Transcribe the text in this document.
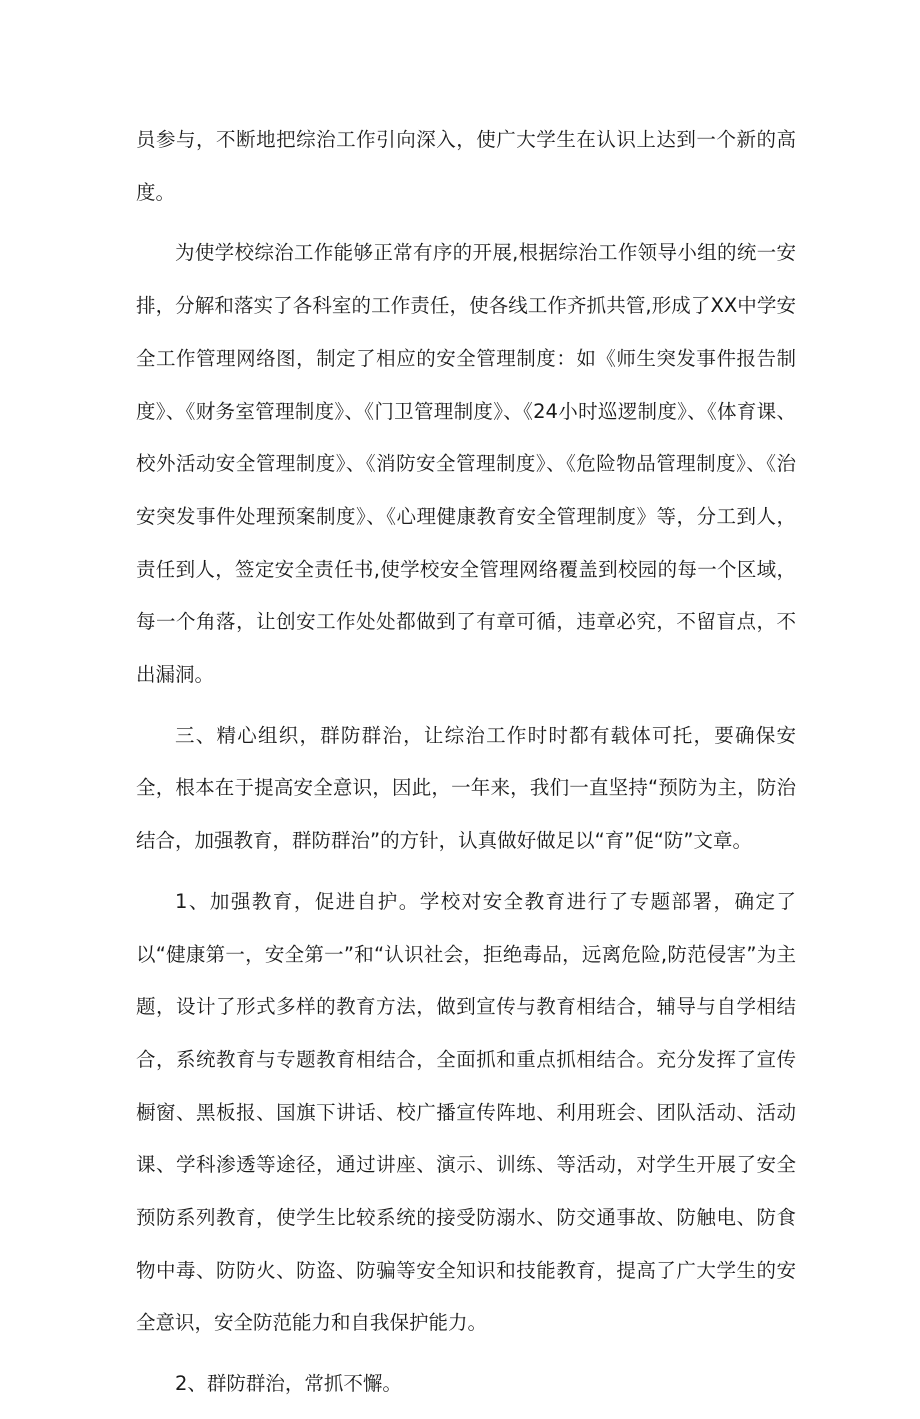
员参与，不断地把综治工作引向深入，使广大学生在认识上达到一个新的高度。

为使学校综治工作能够正常有序的开展,根据综治工作领导小组的统一安排，分解和落实了各科室的工作责任，使各线工作齐抓共管,形成了XX中学安全工作管理网络图，制定了相应的安全管理制度：如《师生突发事件报告制度》、《财务室管理制度》、《门卫管理制度》、《24小时巡逻制度》、《体育课、校外活动安全管理制度》、《消防安全管理制度》、《危险物品管理制度》、《治安突发事件处理预案制度》、《心理健康教育安全管理制度》等，分工到人，责任到人，签定安全责任书,使学校安全管理网络覆盖到校园的每一个区域，每一个角落，让创安工作处处都做到了有章可循，违章必究，不留盲点，不出漏洞。

三、精心组织，群防群治，让综治工作时时都有载体可托，要确保安全，根本在于提高安全意识，因此，一年来，我们一直坚持“预防为主，防治结合，加强教育，群防群治”的方针，认真做好做足以“育”促“防”文章。

1、加强教育，促进自护。学校对安全教育进行了专题部署，确定了以“健康第一，安全第一”和“认识社会，拒绝毒品，远离危险,防范侵害”为主题，设计了形式多样的教育方法，做到宣传与教育相结合，辅导与自学相结合，系统教育与专题教育相结合，全面抓和重点抓相结合。充分发挥了宣传橱窗、黑板报、国旗下讲话、校广播宣传阵地、利用班会、团队活动、活动课、学科渗透等途径，通过讲座、演示、训练、等活动，对学生开展了安全预防系列教育，使学生比较系统的接受防溺水、防交通事故、防触电、防食物中毒、防防火、防盗、防骗等安全知识和技能教育，提高了广大学生的安全意识，安全防范能力和自我保护能力。

2、群防群治，常抓不懈。
